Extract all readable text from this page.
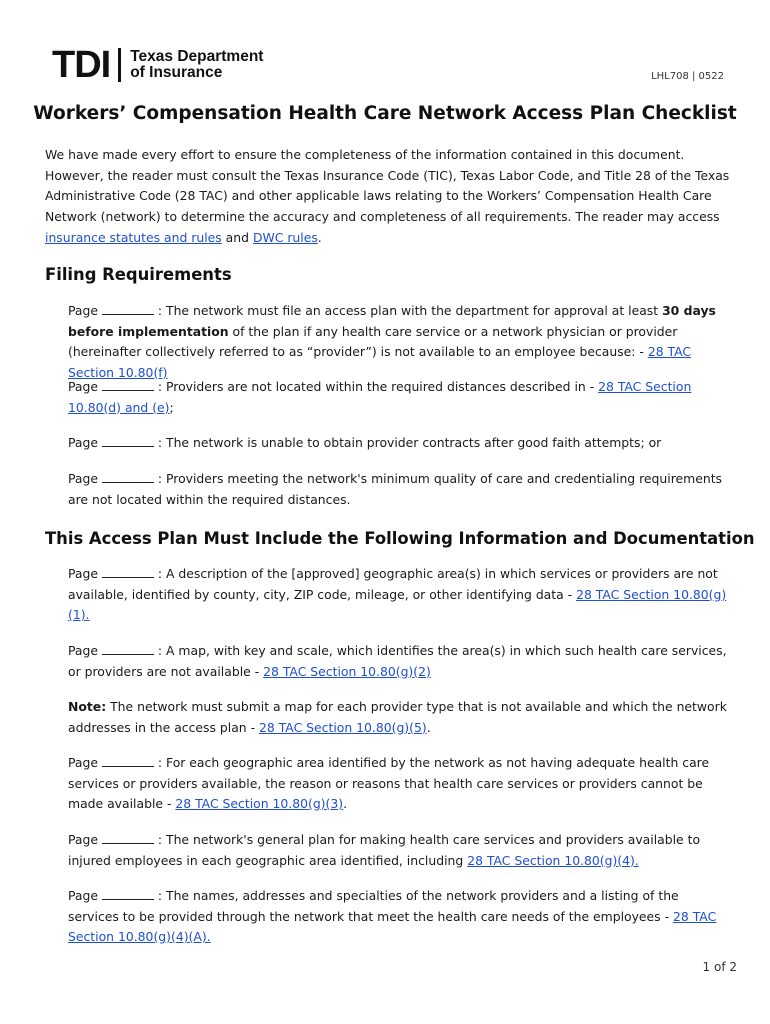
TDI Texas Department
of Insurance	LHL708 | 0522
Workers’ Compensation Health Care Network Access Plan Checklist
We have made every effort to ensure the completeness of the information contained in this document. However, the reader must consult the Texas Insurance Code (TIC), Texas Labor Code, and Title 28 of the Texas Administrative Code (28 TAC) and other applicable laws relating to the Workers’ Compensation Health Care Network (network) to determine the accuracy and completeness of all requirements. The reader may access insurance statutes and rules and DWC rules.
Filing Requirements
Page	: The network must file an access plan with the department for approval at least 30 days before implementation of the plan if any health care service or a network physician or provider (hereinafter collectively referred to as “provider”) is not available to an employee because: - 28 TAC Section 10.80(f)
Page	: Providers are not located within the required distances described in - 28 TAC Section 10.80(d) and (e);
Page	: The network is unable to obtain provider contracts after good faith attempts; or
Page	: Providers meeting the network's minimum quality of care and credentialing requirements are not located within the required distances.
This Access Plan Must Include the Following Information and Documentation
Page	: A description of the [approved] geographic area(s) in which services or providers are not available, identified by county, city, ZIP code, mileage, or other identifying data - 28 TAC Section 10.80(g)(1).
Page	: A map, with key and scale, which identifies the area(s) in which such health care services, or providers are not available - 28 TAC Section 10.80(g)(2)
Note: The network must submit a map for each provider type that is not available and which the network addresses in the access plan - 28 TAC Section 10.80(g)(5).
Page	: For each geographic area identified by the network as not having adequate health care services or providers available, the reason or reasons that health care services or providers cannot be made available - 28 TAC Section 10.80(g)(3).
Page	: The network's general plan for making health care services and providers available to injured employees in each geographic area identified, including 28 TAC Section 10.80(g)(4).
Page	: The names, addresses and specialties of the network providers and a listing of the services to be provided through the network that meet the health care needs of the employees - 28 TAC Section 10.80(g)(4)(A).
1 of 2
